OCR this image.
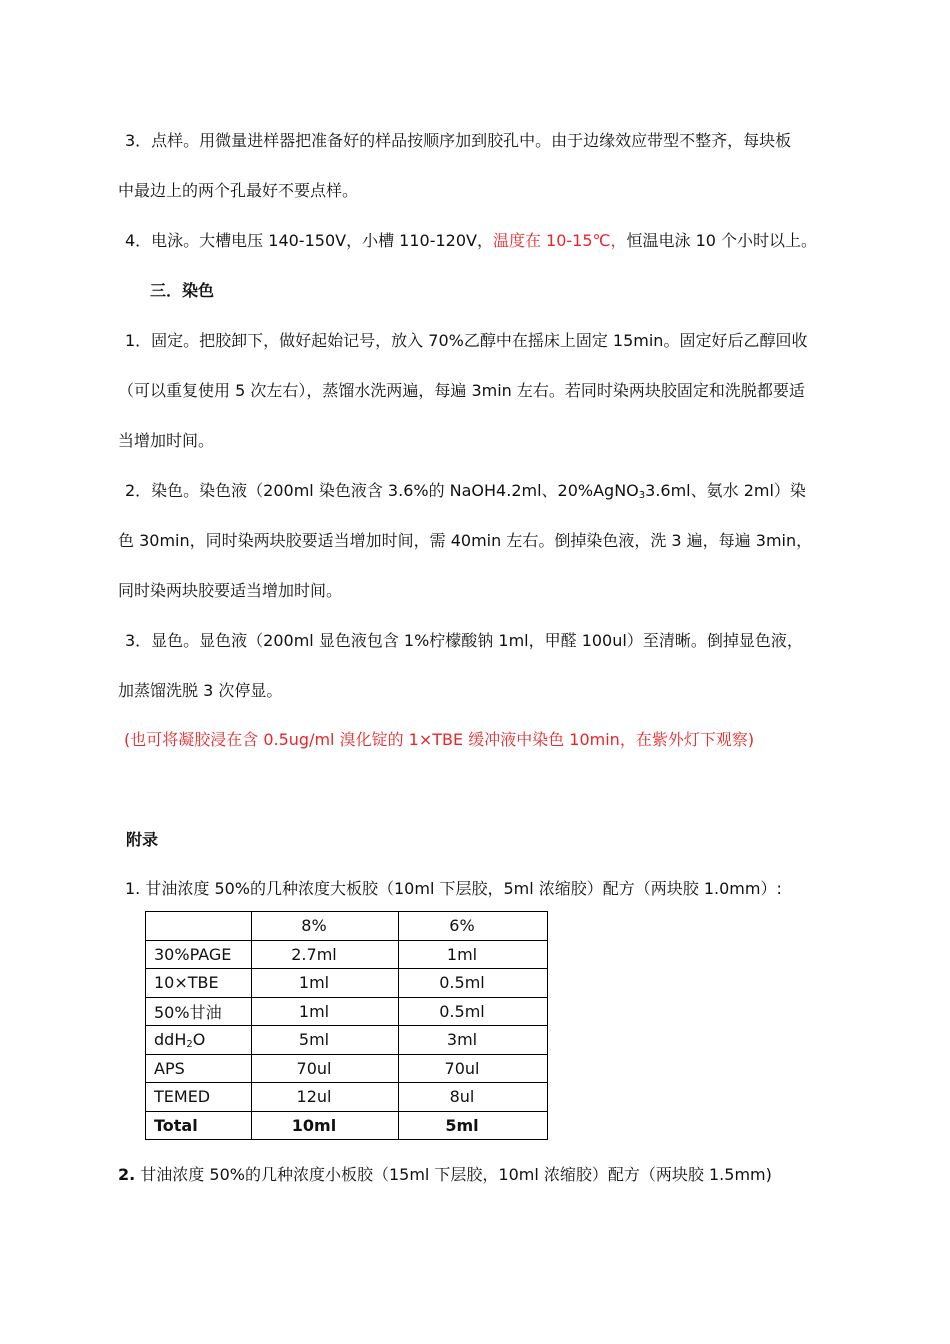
3．点样。用微量进样器把准备好的样品按顺序加到胶孔中。由于边缘效应带型不整齐，每块板
中最边上的两个孔最好不要点样。
4．电泳。大槽电压 140-150V，小槽 110-120V，温度在 10-15℃，恒温电泳 10 个小时以上。
三．染色
1．固定。把胶卸下，做好起始记号，放入 70%乙醇中在摇床上固定 15min。固定好后乙醇回收
（可以重复使用 5 次左右），蒸馏水洗两遍，每遍 3min 左右。若同时染两块胶固定和洗脱都要适
当增加时间。
2．染色。染色液（200ml 染色液含 3.6%的 NaOH4.2ml、20%AgNO$_3$3.6ml、氨水 2ml）染
色 30min，同时染两块胶要适当增加时间，需 40min 左右。倒掉染色液，洗 3 遍，每遍 3min，
同时染两块胶要适当增加时间。
3．显色。显色液（200ml 显色液包含 1%柠檬酸钠 1ml，甲醛 100ul）至清晰。倒掉显色液，
加蒸馏洗脱 3 次停显。
(也可将凝胶浸在含 0.5ug/ml 溴化锭的 1×TBE 缓冲液中染色 10min，在紫外灯下观察)
附录
1. 甘油浓度 50%的几种浓度大板胶（10ml 下层胶，5ml 浓缩胶）配方（两块胶 1.0mm）:
	8%	6%
30%PAGE	2.7ml	1ml
10×TBE	1ml	0.5ml
50%甘油	1ml	0.5ml
ddH$_2$O	5ml	3ml
APS	70ul	70ul
TEMED	12ul	8ul
Total	10ml	5ml
2. 甘油浓度 50%的几种浓度小板胶（15ml 下层胶，10ml 浓缩胶）配方（两块胶 1.5mm)
